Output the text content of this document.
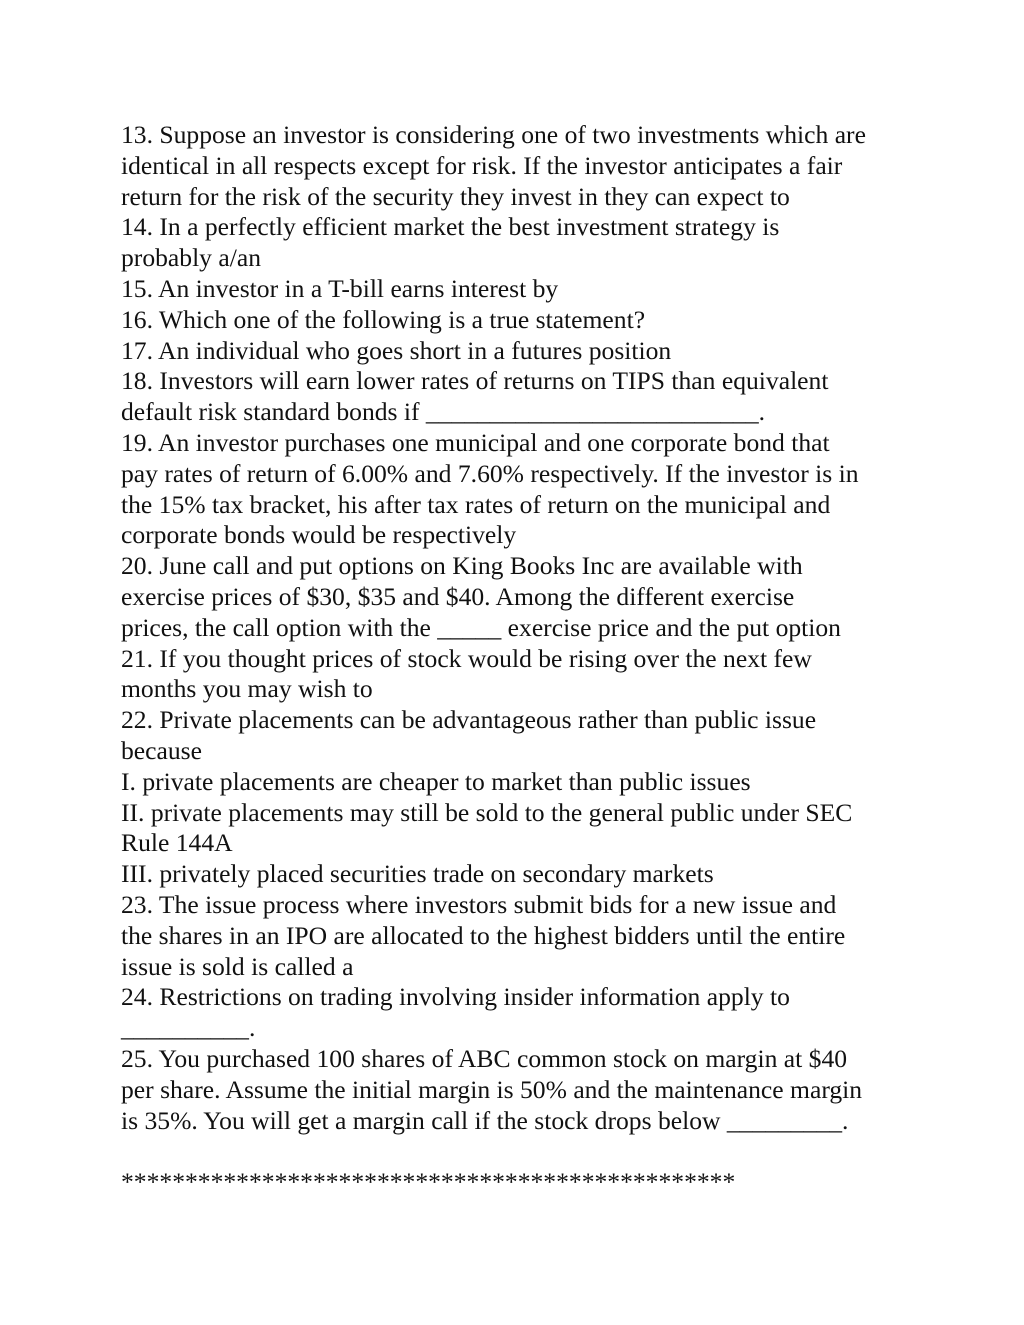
13. Suppose an investor is considering one of two investments which are
identical in all respects except for risk. If the investor anticipates a fair
return for the risk of the security they invest in they can expect to
14. In a perfectly efficient market the best investment strategy is
probably a/an
15. An investor in a T-bill earns interest by
16. Which one of the following is a true statement?
17. An individual who goes short in a futures position
18. Investors will earn lower rates of returns on TIPS than equivalent
default risk standard bonds if __________________________.
19. An investor purchases one municipal and one corporate bond that
pay rates of return of 6.00% and 7.60% respectively. If the investor is in
the 15% tax bracket, his after tax rates of return on the municipal and
corporate bonds would be respectively
20. June call and put options on King Books Inc are available with
exercise prices of $30, $35 and $40. Among the different exercise
prices, the call option with the _____ exercise price and the put option
21. If you thought prices of stock would be rising over the next few
months you may wish to
22. Private placements can be advantageous rather than public issue
because
I. private placements are cheaper to market than public issues
II. private placements may still be sold to the general public under SEC
Rule 144A
III. privately placed securities trade on secondary markets
23. The issue process where investors submit bids for a new issue and
the shares in an IPO are allocated to the highest bidders until the entire
issue is sold is called a
24. Restrictions on trading involving insider information apply to
__________.
25. You purchased 100 shares of ABC common stock on margin at $40
per share. Assume the initial margin is 50% and the maintenance margin
is 35%. You will get a margin call if the stock drops below _________.
************************************************
